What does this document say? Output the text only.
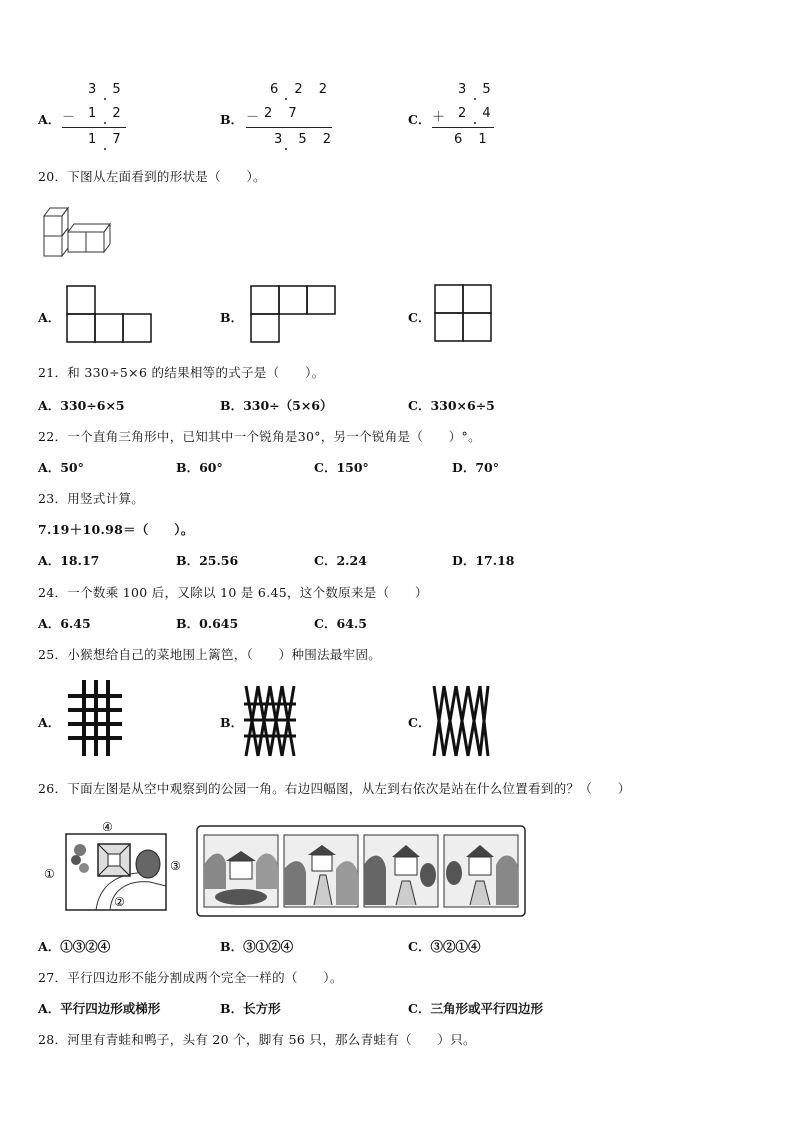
A．
3 5
－ 1 2
1 7
B．
6 2 2
－
2 7
3 5 2
C．
3 5
＋ 2 4
6 1
20．下图从左面看到的形状是（　　）。
A．	B．	C．
21．和 330÷5×6 的结果相等的式子是（　　）。
A．330÷6×5	B．330÷（5×6）	C．330×6÷5
22．一个直角三角形中，已知其中一个锐角是30°，另一个锐角是（　　）°。
A．50°	B．60°	C．150°	D．70°
23．用竖式计算。
7.19＋10.98＝（　　）。
A．18.17	B．25.56	C．2.24	D．17.18
24．一个数乘 100 后，又除以 10 是 6.45，这个数原来是（　　）
A．6.45	B．0.645	C．64.5
25．小猴想给自己的菜地围上篱笆，（　　）种围法最牢固。
A．	B．	C．
26．下面左图是从空中观察到的公园一角。右边四幅图，从左到右依次是站在什么位置看到的？（　　）
④
①
③
②
A．①③②④	B．③①②④	C．③②①④
27．平行四边形不能分割成两个完全一样的（　　）。
A．平行四边形或梯形	B．长方形	C．三角形或平行四边形
28．河里有青蛙和鸭子，头有 20 个，脚有 56 只，那么青蛙有（　　）只。
